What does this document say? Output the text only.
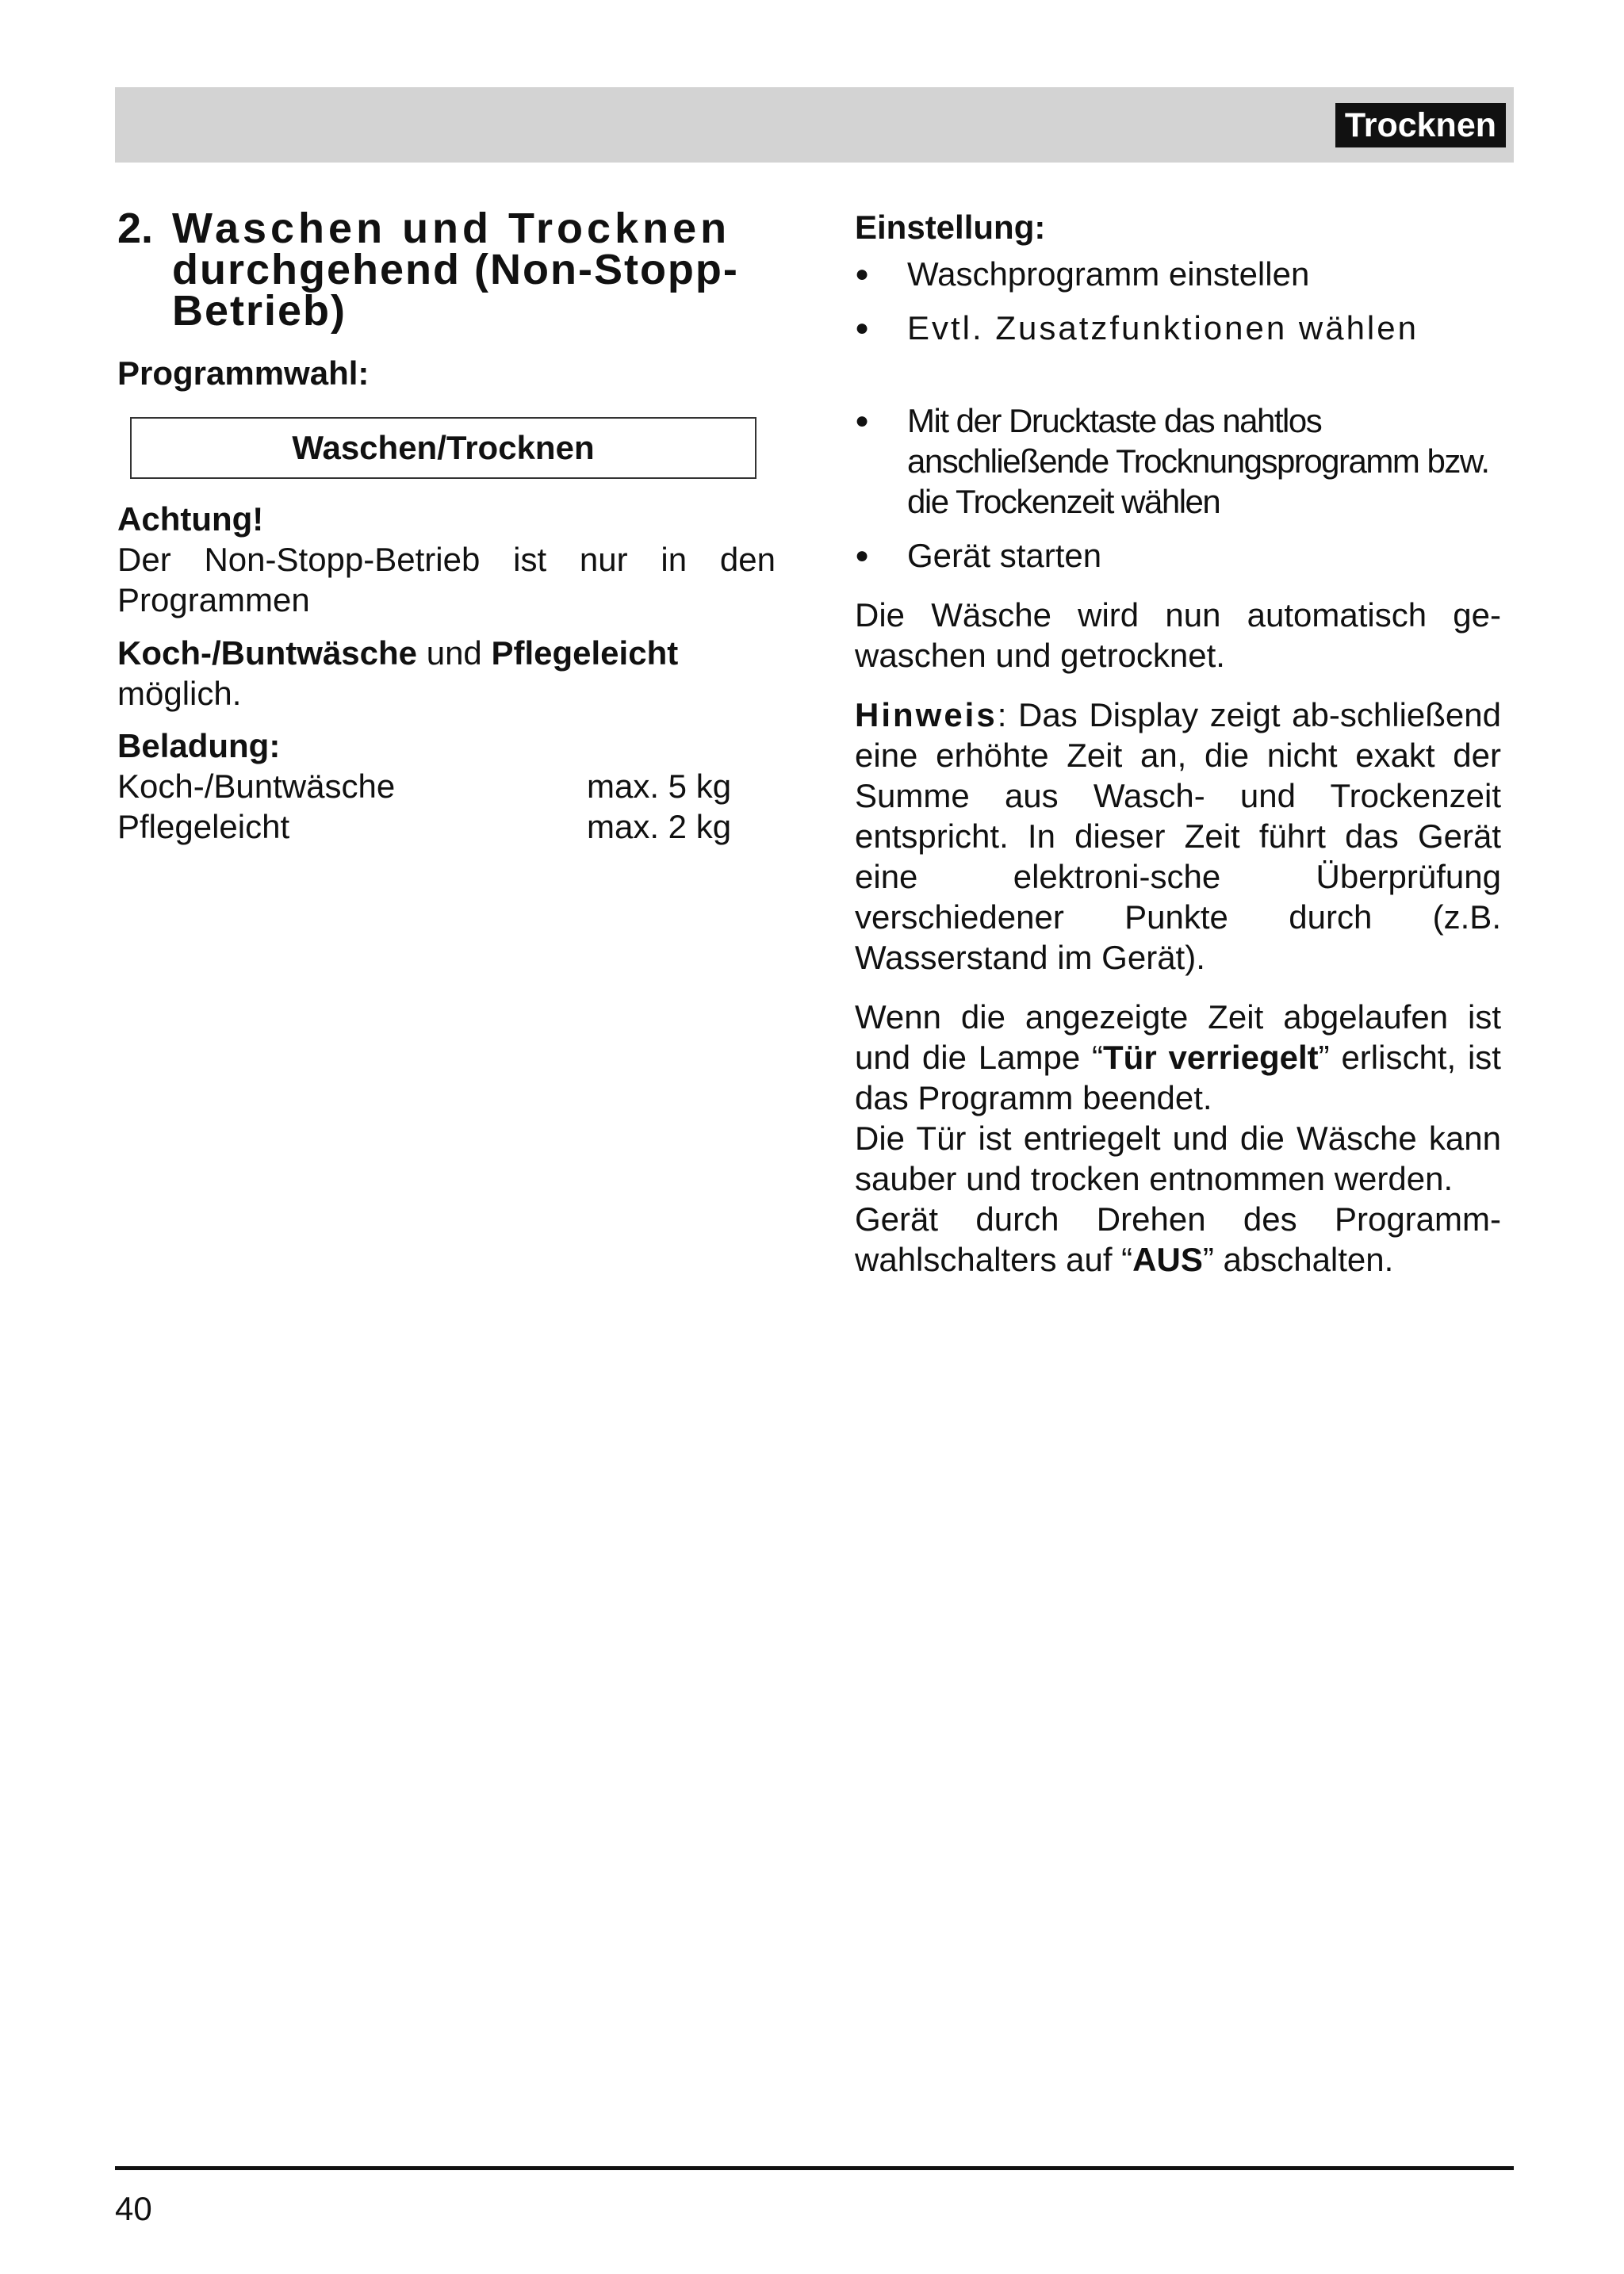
Trocknen
2. Waschen und Trocknen
durchgehend (Non-Stopp-
Betrieb)
Programmwahl:
Waschen/Trocknen
Achtung!
Der Non-Stopp-Betrieb ist nur in den Programmen
Koch-/Buntwäsche und Pflegeleicht
möglich.
Beladung:
Koch-/Buntwäsche	max. 5 kg
Pflegeleicht	max. 2 kg
Einstellung:
●	Waschprogramm einstellen
●	Evtl. Zusatzfunktionen wählen
●	Mit der Drucktaste das nahtlos anschließende Trocknungsprogramm bzw. die Trockenzeit wählen
●	Gerät starten
Die Wäsche wird nun automatisch ge-waschen und getrocknet.
Hinweis: Das Display zeigt ab-schließend eine erhöhte Zeit an, die nicht exakt der Summe aus Wasch- und Trockenzeit entspricht. In dieser Zeit führt das Gerät eine elektroni-sche Überprüfung verschiedener Punkte durch (z.B. Wasserstand im Gerät).
Wenn die angezeigte Zeit abgelaufen ist und die Lampe “Tür verriegelt” erlischt, ist das Programm beendet.
Die Tür ist entriegelt und die Wäsche kann sauber und trocken entnommen werden.
Gerät durch Drehen des Programm-wahlschalters auf “AUS” abschalten.
40
